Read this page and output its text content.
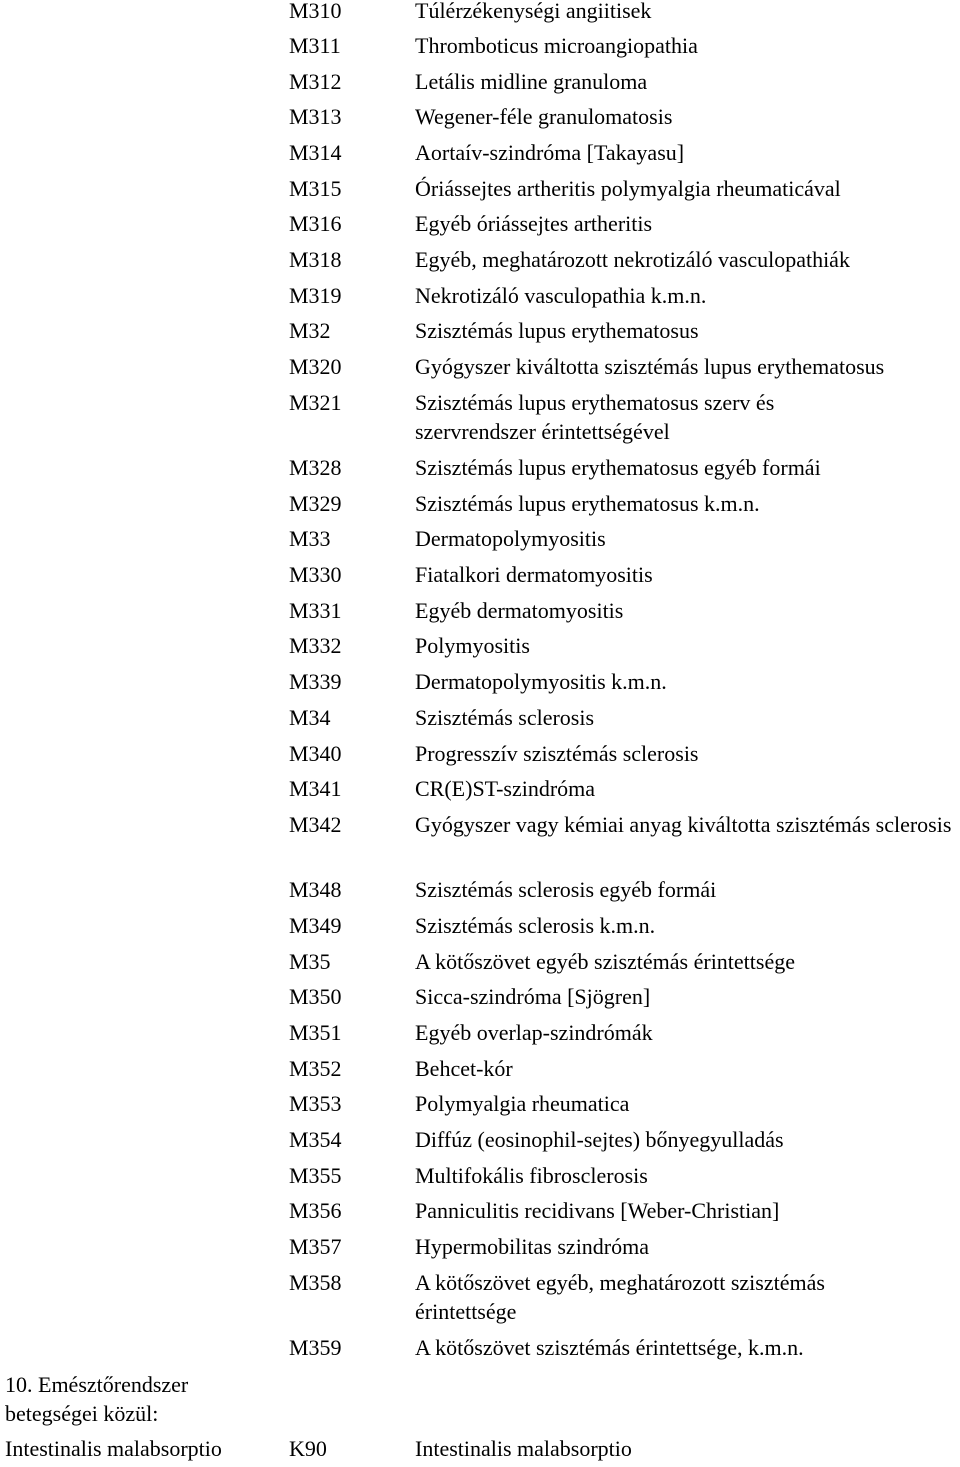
M310
M311
M312
M313
M314
M315
M316
M318
M319
M32
M320
M321
M328
M329
M33
M330
M331
M332
M339
M34
M340
M341
M342
M348
M349
M35
M350
M351
M352
M353
M354
M355
M356
M357
M358
M359
Túlérzékenységi angiitisek
Thromboticus microangiopathia
Letális midline granuloma
Wegener-féle granulomatosis
Aortaív-szindróma [Takayasu]
Óriássejtes artheritis polymyalgia rheumaticával
Egyéb óriássejtes artheritis
Egyéb, meghatározott nekrotizáló vasculopathiák
Nekrotizáló vasculopathia k.m.n.
Szisztémás lupus erythematosus
Gyógyszer kiváltotta szisztémás lupus erythematosus
Szisztémás lupus erythematosus szerv és szervrendszer érintettségével
Szisztémás lupus erythematosus egyéb formái
Szisztémás lupus erythematosus k.m.n.
Dermatopolymyositis
Fiatalkori dermatomyositis
Egyéb dermatomyositis
Polymyositis
Dermatopolymyositis k.m.n.
Szisztémás sclerosis
Progresszív szisztémás sclerosis
CR(E)ST-szindróma
Gyógyszer vagy kémiai anyag kiváltotta szisztémás sclerosis
Szisztémás sclerosis egyéb formái
Szisztémás sclerosis k.m.n.
A kötőszövet egyéb szisztémás érintettsége
Sicca-szindróma [Sjögren]
Egyéb overlap-szindrómák
Behcet-kór
Polymyalgia rheumatica
Diffúz (eosinophil-sejtes) bőnyegyulladás
Multifokális fibrosclerosis
Panniculitis recidivans [Weber-Christian]
Hypermobilitas szindróma
A kötőszövet egyéb, meghatározott szisztémás érintettsége
A kötőszövet szisztémás érintettsége, k.m.n.
10. Emésztőrendszer
betegségei közül:
Intestinalis malabsorptio	K90	Intestinalis malabsorptio
